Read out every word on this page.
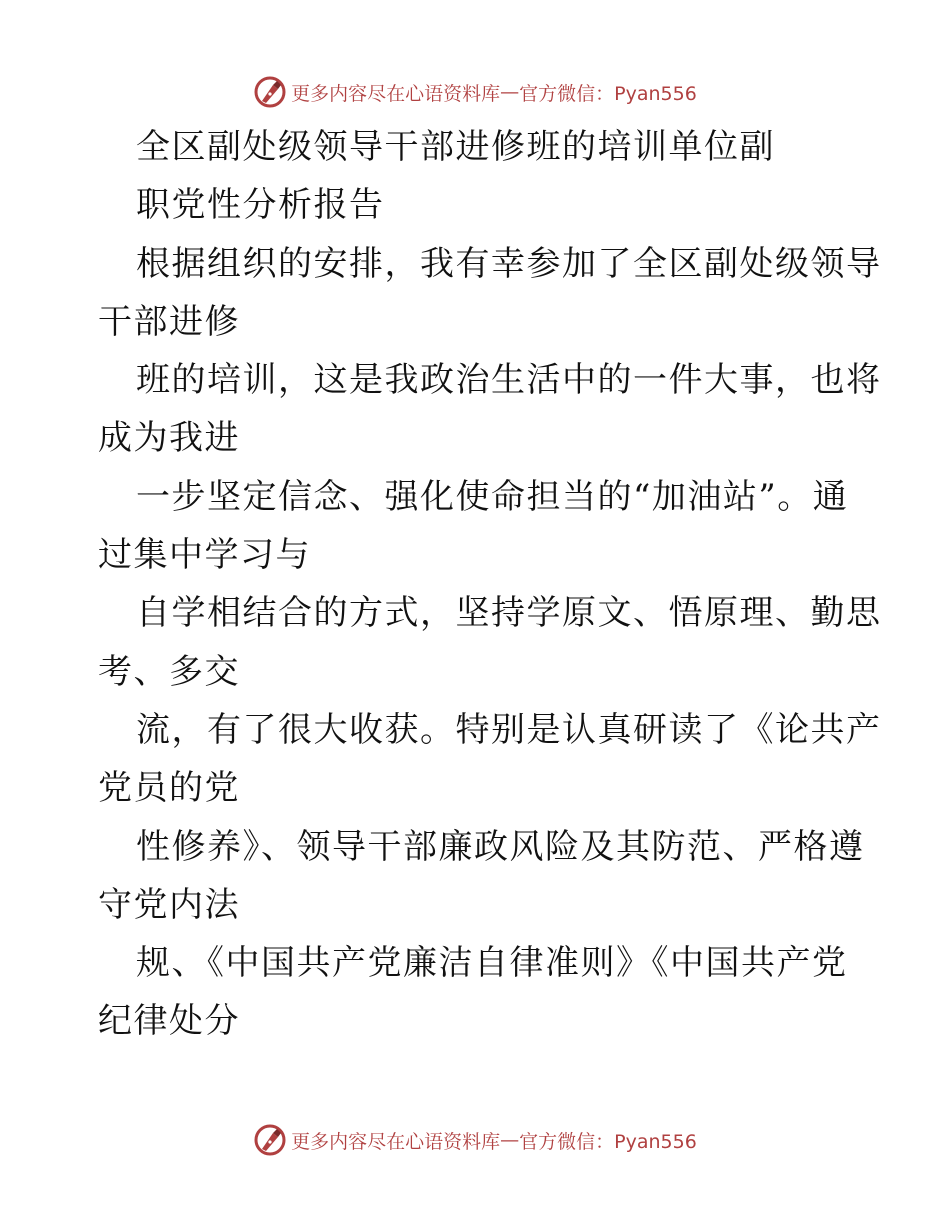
更多内容尽在心语资料库 — 官方微信：Pyan556
全区副处级领导干部进修班的培训单位副
职党性分析报告
根据组织的安排，我有幸参加了全区副处级领导
干部进修
班的培训，这是我政治生活中的一件大事，也将
成为我进
一步坚定信念、强化使命担当的“加油站”。通
过集中学习与
自学相结合的方式，坚持学原文、悟原理、勤思
考、多交
流，有了很大收获。特别是认真研读了《论共产
党员的党
性修养》、领导干部廉政风险及其防范、严格遵
守党内法
规、《中国共产党廉洁自律准则》《中国共产党
纪律处分
更多内容尽在心语资料库 — 官方微信：Pyan556
